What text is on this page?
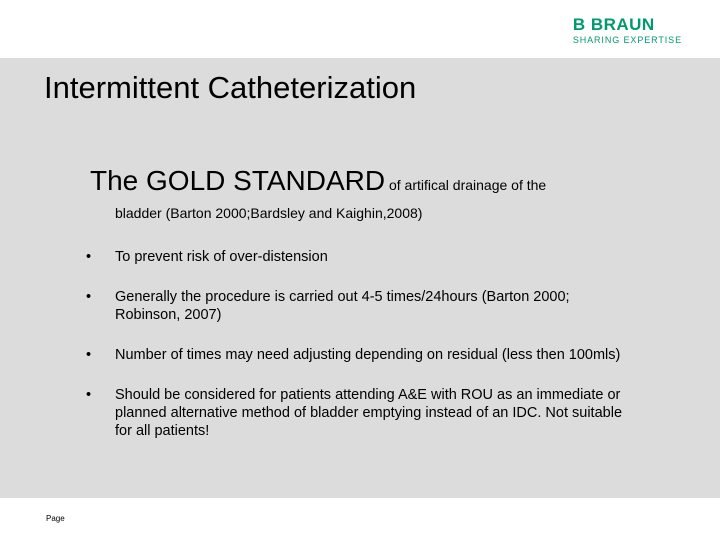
B BRAUN
SHARING EXPERTISE
Intermittent Catheterization

The GOLD STANDARD of artifical drainage of the

bladder (Barton 2000;Bardsley and Kaighin,2008)

• To prevent risk of over-distension
• Generally the procedure is carried out 4-5 times/24hours (Barton 2000; Robinson, 2007)
• Number of times may need adjusting depending on residual (less then 100mls)
• Should be considered for patients attending A&E with ROU as an immediate or planned alternative method of bladder emptying instead of an IDC. Not suitable for all patients!
Page
